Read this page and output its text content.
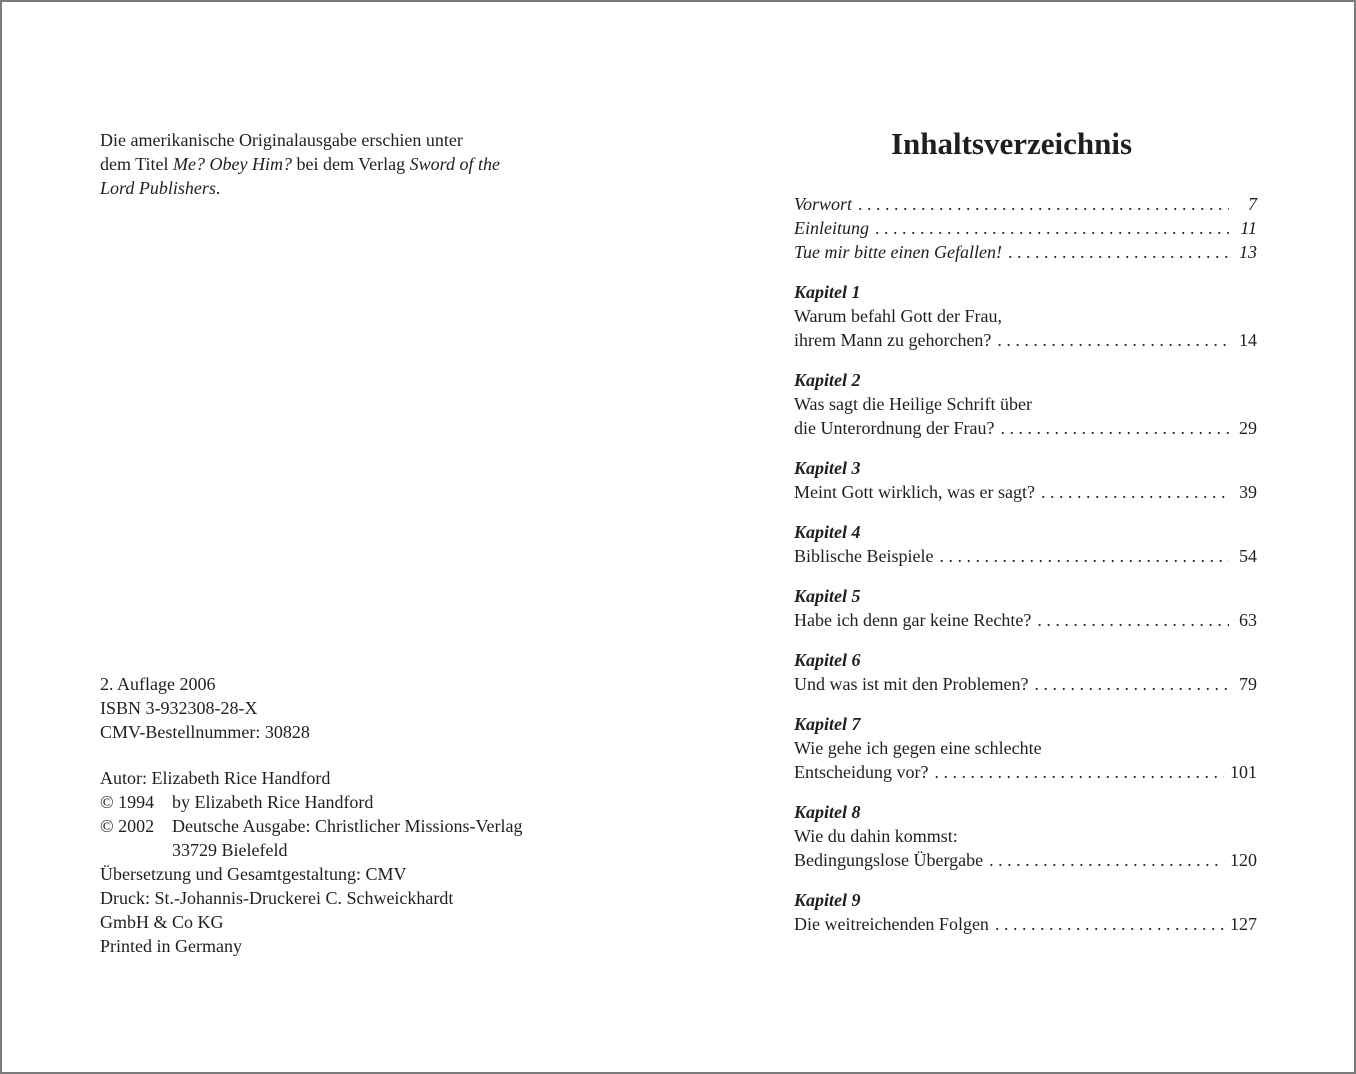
Die amerikanische Originalausgabe erschien unter

dem Titel Me? Obey Him? bei dem Verlag Sword of the

Lord Publishers.

2. Auflage 2006
ISBN 3-932308-28-X
CMV-Bestellnummer: 30828
Autor: Elizabeth Rice Handford
© 1994 by Elizabeth Rice Handford
© 2002 Deutsche Ausgabe: Christlicher Missions-Verlag
33729 Bielefeld
Übersetzung und Gesamtgestaltung: CMV
Druck: St.-Johannis-Druckerei C. Schweickhardt
GmbH & Co KG
Printed in Germany
Inhaltsverzeichnis
Vorwort . . .	7
Einleitung . . .	11
Tue mir bitte einen Gefallen! . . .	13
Kapitel 1
Warum befahl Gott der Frau,
ihrem Mann zu gehorchen? . . .	14
Kapitel 2
Was sagt die Heilige Schrift über
die Unterordnung der Frau? . . .	29
Kapitel 3
Meint Gott wirklich, was er sagt? . . .	39
Kapitel 4
Biblische Beispiele . . .	54
Kapitel 5
Habe ich denn gar keine Rechte? . . .	63
Kapitel 6
Und was ist mit den Problemen? . . .	79
Kapitel 7
Wie gehe ich gegen eine schlechte
Entscheidung vor? . . .	101
Kapitel 8
Wie du dahin kommst:
Bedingungslose Übergabe . . .	120
Kapitel 9
Die weitreichenden Folgen . . .	127
